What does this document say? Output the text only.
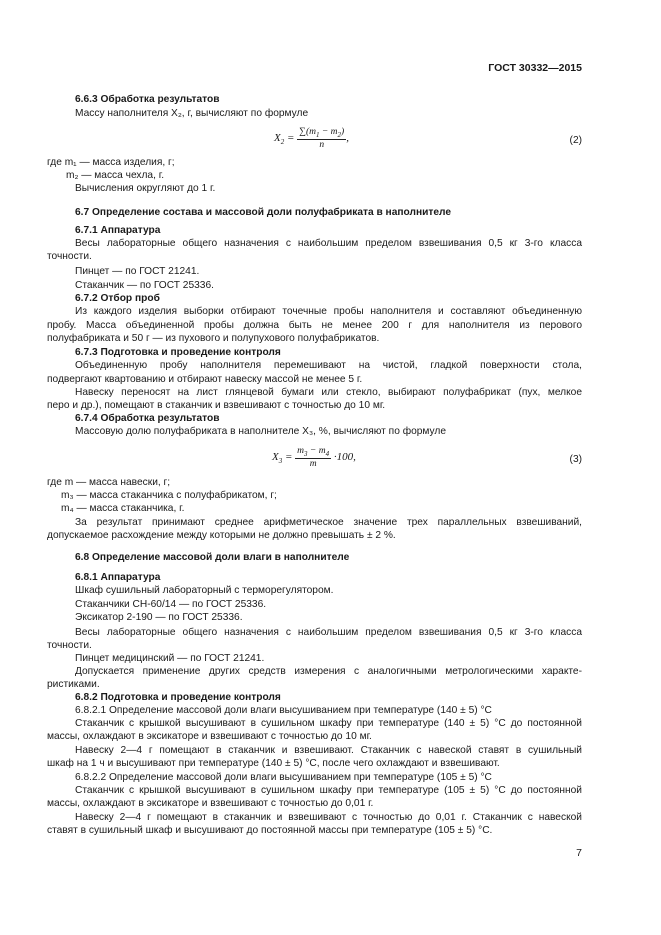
ГОСТ 30332—2015
6.6.3 Обработка результатов
Массу наполнителя X₂, г, вычисляют по формуле
$X_2 = \frac{\sum(m_1 - m_2)}{n}$ ,	(2)
где m₁ — масса изделия, г;
m₂ — масса чехла, г.
Вычисления округляют до 1 г.
6.7 Определение состава и массовой доли полуфабриката в наполнителе
6.7.1 Аппаратура
Весы лабораторные общего назначения с наибольшим пределом взвешивания 0,5 кг 3-го класса
точности.
Пинцет — по ГОСТ 21241.
Стаканчик — по ГОСТ 25336.
6.7.2 Отбор проб
Из каждого изделия выборки отбирают точечные пробы наполнителя и составляют объединенную
пробу. Масса объединенной пробы должна быть не менее 200 г для наполнителя из перового
полуфабриката и 50 г — из пухового и полупухового полуфабрикатов.
6.7.3 Подготовка и проведение контроля
Объединенную пробу наполнителя перемешивают на чистой, гладкой поверхности стола,
подвергают квартованию и отбирают навеску массой не менее 5 г.
Навеску переносят на лист глянцевой бумаги или стекло, выбирают полуфабрикат (пух, мелкое
перо и др.), помещают в стаканчик и взвешивают с точностью до 10 мг.
6.7.4 Обработка результатов
Массовую долю полуфабриката в наполнителе X₃, %, вычисляют по формуле
$X_3 = \frac{m_3 - m_4}{m} \cdot 100$,	(3)
где m — масса навески, г;
m₃ — масса стаканчика с полуфабрикатом, г;
m₄ — масса стаканчика, г.
За результат принимают среднее арифметическое значение трех параллельных взвешиваний,
допускаемое расхождение между которыми не должно превышать ± 2 %.
6.8 Определение массовой доли влаги в наполнителе
6.8.1 Аппаратура
Шкаф сушильный лабораторный с терморегулятором.
Стаканчики СН-60/14 — по ГОСТ 25336.
Эксикатор 2-190 — по ГОСТ 25336.
Весы лабораторные общего назначения с наибольшим пределом взвешивания 0,5 кг 3-го класса
точности.
Пинцет медицинский — по ГОСТ 21241.
Допускается применение других средств измерения с аналогичными метрологическими характе-
ристиками.
6.8.2 Подготовка и проведение контроля
6.8.2.1 Определение массовой доли влаги высушиванием при температуре (140 ± 5) °С
Стаканчик с крышкой высушивают в сушильном шкафу при температуре (140 ± 5) °С до постоянной
массы, охлаждают в эксикаторе и взвешивают с точностью до 10 мг.
Навеску 2—4 г помещают в стаканчик и взвешивают. Стаканчик с навеской ставят в сушильный
шкаф на 1 ч и высушивают при температуре (140 ± 5) °С, после чего охлаждают и взвешивают.
6.8.2.2 Определение массовой доли влаги высушиванием при температуре (105 ± 5) °С
Стаканчик с крышкой высушивают в сушильном шкафу при температуре (105 ± 5) °С до постоянной
массы, охлаждают в эксикаторе и взвешивают с точностью до 0,01 г.
Навеску 2—4 г помещают в стаканчик и взвешивают с точностью до 0,01 г. Стаканчик с навеской
ставят в сушильный шкаф и высушивают до постоянной массы при температуре (105 ± 5) °С.
7
